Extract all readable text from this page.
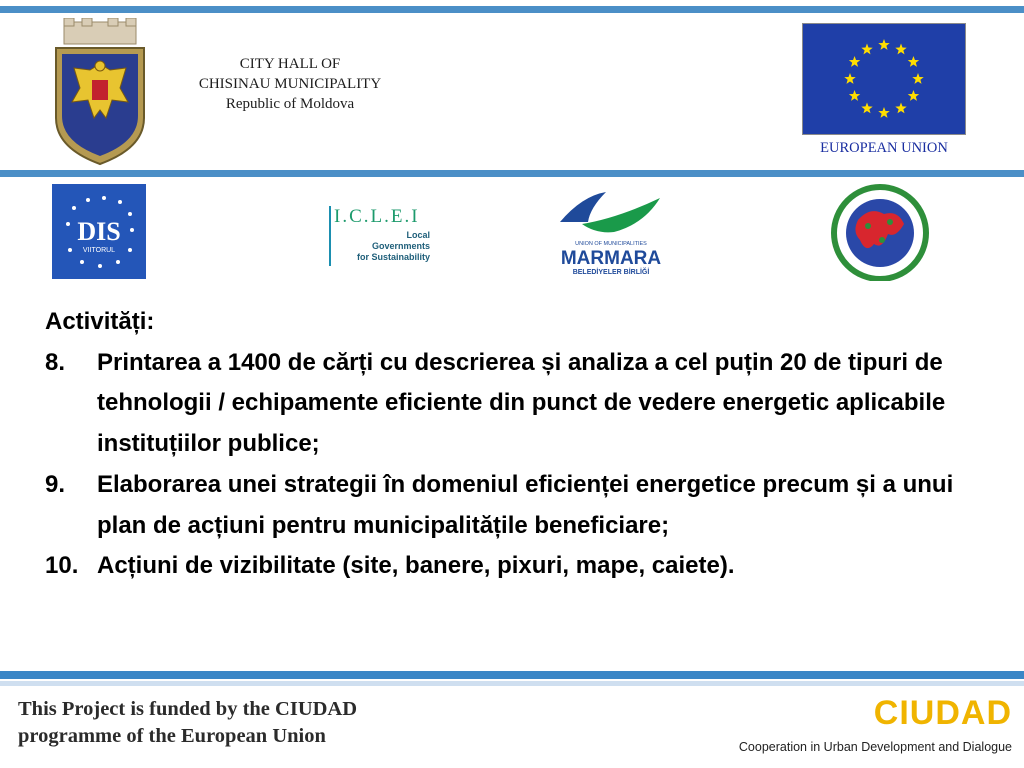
CITY HALL OF
CHISINAU MUNICIPALITY
Republic of Moldova
EUROPEAN UNION
DIS
VIITORUL
I.C.L.E.I
Local
Governments
for Sustainability
UNION OF MUNICIPALITIES
MARMARA
BELEDİYELER BİRLİĞİ
Activități:
8. Printarea a 1400 de cărți cu descrierea și analiza a cel puțin 20 de tipuri de tehnologii / echipamente eficiente din punct de vedere energetic aplicabile instituțiilor publice;
9. Elaborarea unei strategii în domeniul eficienței energetice precum și a unui plan de acțiuni pentru municipalitățile beneficiare;
10. Acțiuni de vizibilitate (site, banere, pixuri, mape, caiete).
This Project is funded by the CIUDAD
programme of the European Union
CIUDAD
Cooperation in Urban Development and Dialogue
